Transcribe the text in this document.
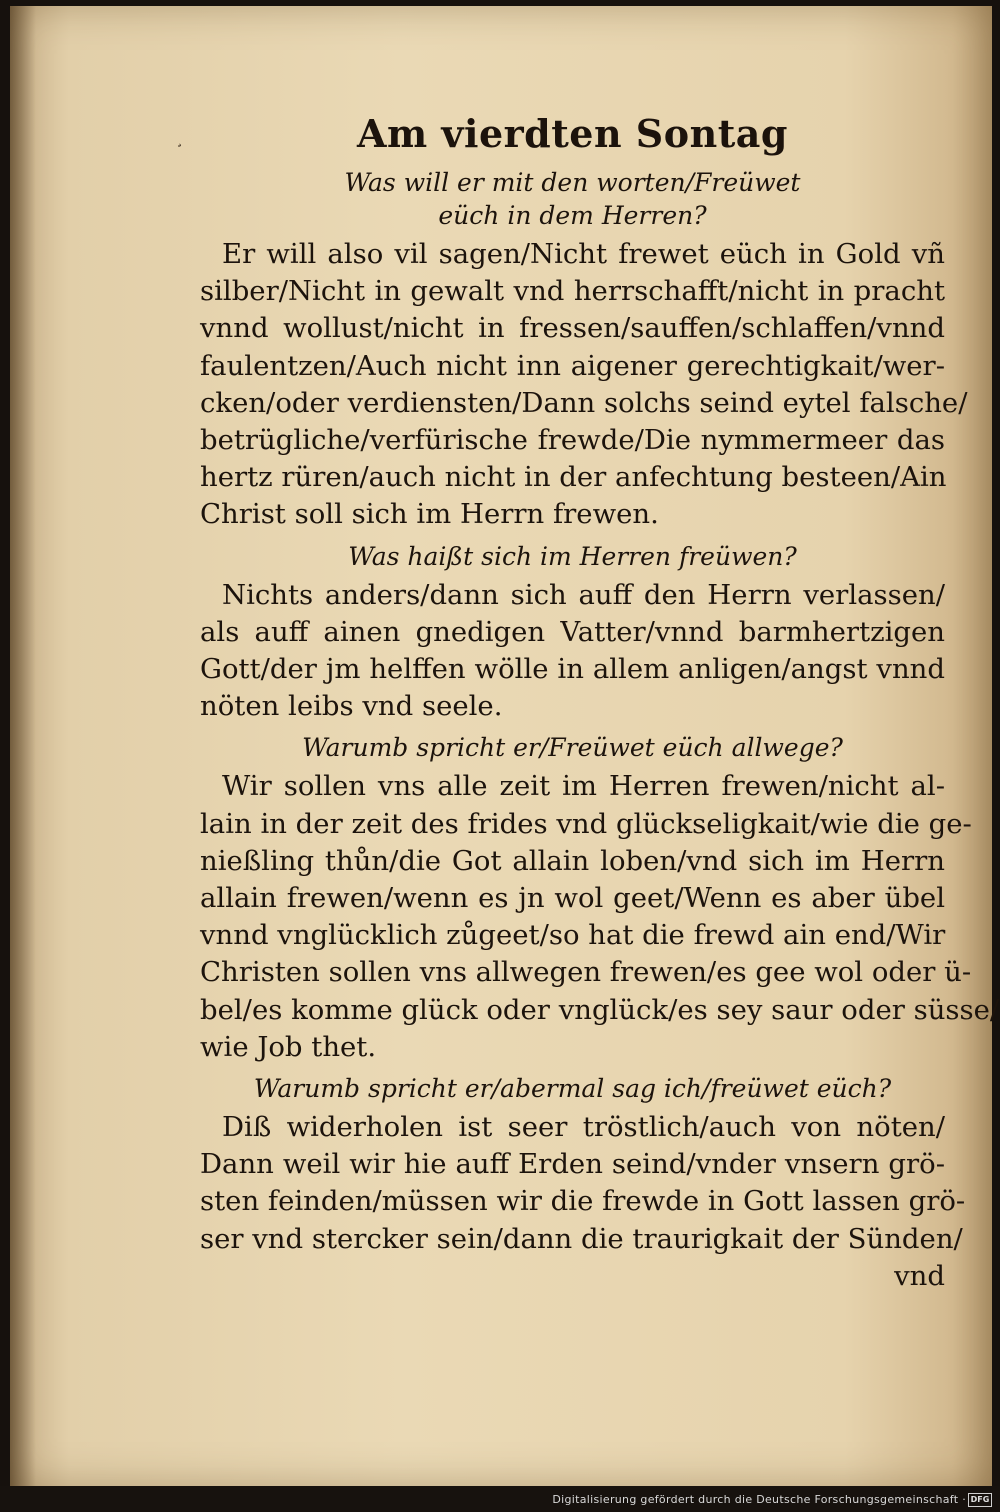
¸	Am vierdten Sontag
Was will er mit den worten/Freüwet
eüch in dem Herren?
Er will also vil sagen/Nicht frewet eüch in Gold vñ
silber/Nicht in gewalt vnd herrschafft/nicht in pracht
vnnd wollust/nicht in fressen/sauffen/schlaffen/vnnd
faulentzen/Auch nicht inn aigener gerechtigkait/wer-
cken/oder verdiensten/Dann solchs seind eytel falsche/
betrügliche/verfürische frewde/Die nymmermeer das
hertz rüren/auch nicht in der anfechtung besteen/Ain
Christ soll sich im Herrn frewen.
Was haißt sich im Herren freüwen?
Nichts anders/dann sich auff den Herrn verlassen/
als auff ainen gnedigen Vatter/vnnd barmhertzigen
Gott/der jm helffen wölle in allem anligen/angst vnnd
nöten leibs vnd seele.
Warumb spricht er/Freüwet eüch allwege?
Wir sollen vns alle zeit im Herren frewen/nicht al-
lain in der zeit des frides vnd glückseligkait/wie die ge-
nießling thůn/die Got allain loben/vnd sich im Herrn
allain frewen/wenn es jn wol geet/Wenn es aber übel
vnnd vnglücklich zůgeet/so hat die frewd ain end/Wir
Christen sollen vns allwegen frewen/es gee wol oder ü-
bel/es komme glück oder vnglück/es sey saur oder süsse/
wie Job thet.
Warumb spricht er/abermal sag ich/freüwet eüch?
Diß widerholen ist seer tröstlich/auch von nöten/
Dann weil wir hie auff Erden seind/vnder vnsern grö-
sten feinden/müssen wir die frewde in Gott lassen grö-
ser vnd stercker sein/dann die traurigkait der Sünden/
vnd
Digitalisierung gefördert durch die Deutsche Forschungsgemeinschaft · DFG
